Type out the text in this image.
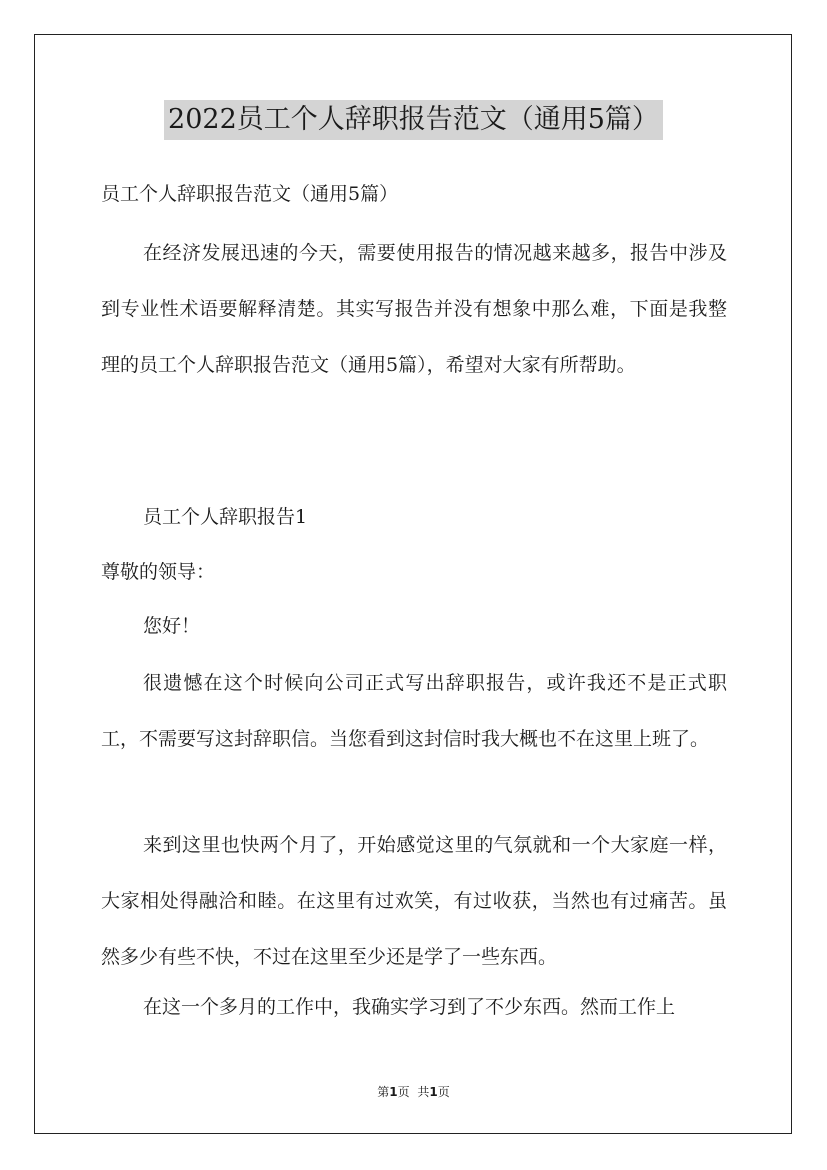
2022员工个人辞职报告范文（通用5篇）

员工个人辞职报告范文（通用5篇）

在经济发展迅速的今天，需要使用报告的情况越来越多，报告中涉及到专业性术语要解释清楚。其实写报告并没有想象中那么难，下面是我整理的员工个人辞职报告范文（通用5篇），希望对大家有所帮助。

员工个人辞职报告1

尊敬的领导：

您好！

很遗憾在这个时候向公司正式写出辞职报告，或许我还不是正式职工，不需要写这封辞职信。当您看到这封信时我大概也不在这里上班了。

来到这里也快两个月了，开始感觉这里的气氛就和一个大家庭一样，大家相处得融洽和睦。在这里有过欢笑，有过收获，当然也有过痛苦。虽然多少有些不快，不过在这里至少还是学了一些东西。

在这一个多月的工作中，我确实学习到了不少东西。然而工作上

第1页 共1页
